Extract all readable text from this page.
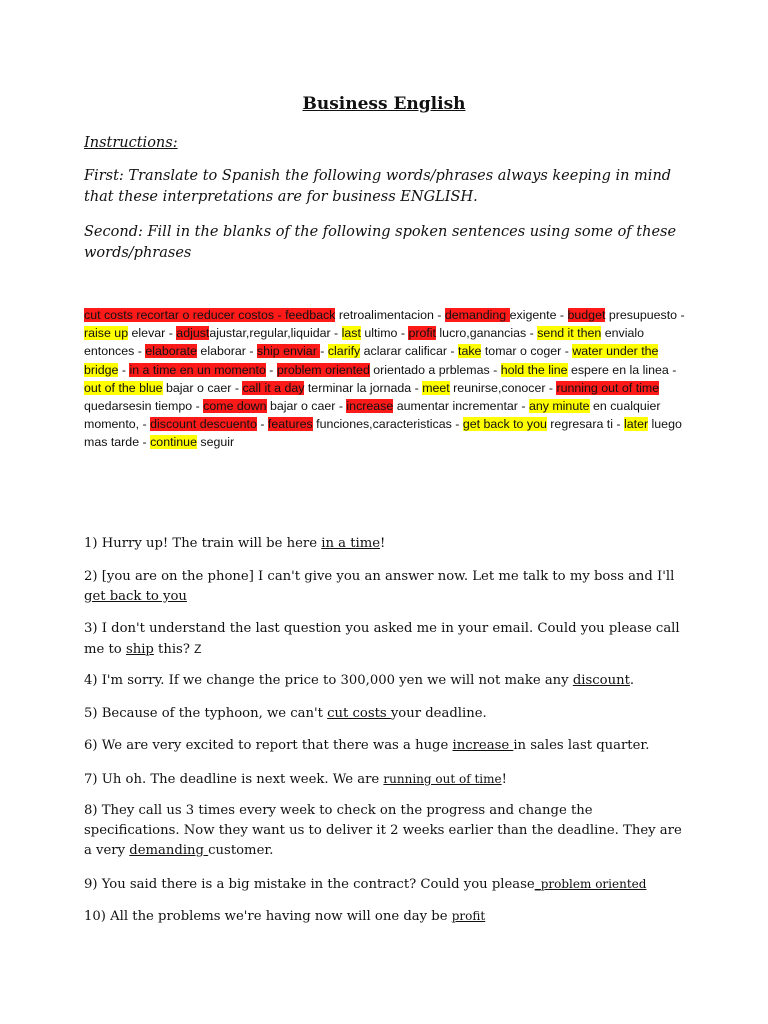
Business English
Instructions:
First: Translate to Spanish the following words/phrases always keeping in mind that these interpretations are for business ENGLISH.
Second: Fill in the blanks of the following spoken sentences using some of these words/phrases
cut costs recortar o reducer costos - feedback retroalimentacion - demanding exigente - budget presupuesto - raise up elevar - adjustajustar,regular,liquidar - last ultimo - profit lucro,ganancias - send it then envialo entonces - elaborate elaborar - ship enviar - clarify aclarar calificar - take tomar o coger - water under the bridge - in a time en un momento - problem oriented orientado a prblemas - hold the line espere en la linea - out of the blue bajar o caer - call it a day terminar la jornada - meet reunirse,conocer - running out of time quedarsesin tiempo - come down bajar o caer - increase aumentar incrementar - any minute en cualquier momento, - discount descuento - features funciones,caracteristicas - get back to you regresara ti - later luego mas tarde - continue seguir
1) Hurry up! The train will be here in a time!
2) [you are on the phone] I can't give you an answer now. Let me talk to my boss and I'll get back to you
3) I don't understand the last question you asked me in your email. Could you please call me to ship this? Z
4) I'm sorry. If we change the price to 300,000 yen we will not make any discount.
5) Because of the typhoon, we can't cut costs your deadline.
6) We are very excited to report that there was a huge increase in sales last quarter.
7) Uh oh. The deadline is next week. We are running out of time!
8) They call us 3 times every week to check on the progress and change the specifications. Now they want us to deliver it 2 weeks earlier than the deadline. They are a very demanding customer.
9) You said there is a big mistake in the contract? Could you please_problem oriented
10) All the problems we're having now will one day be profit
